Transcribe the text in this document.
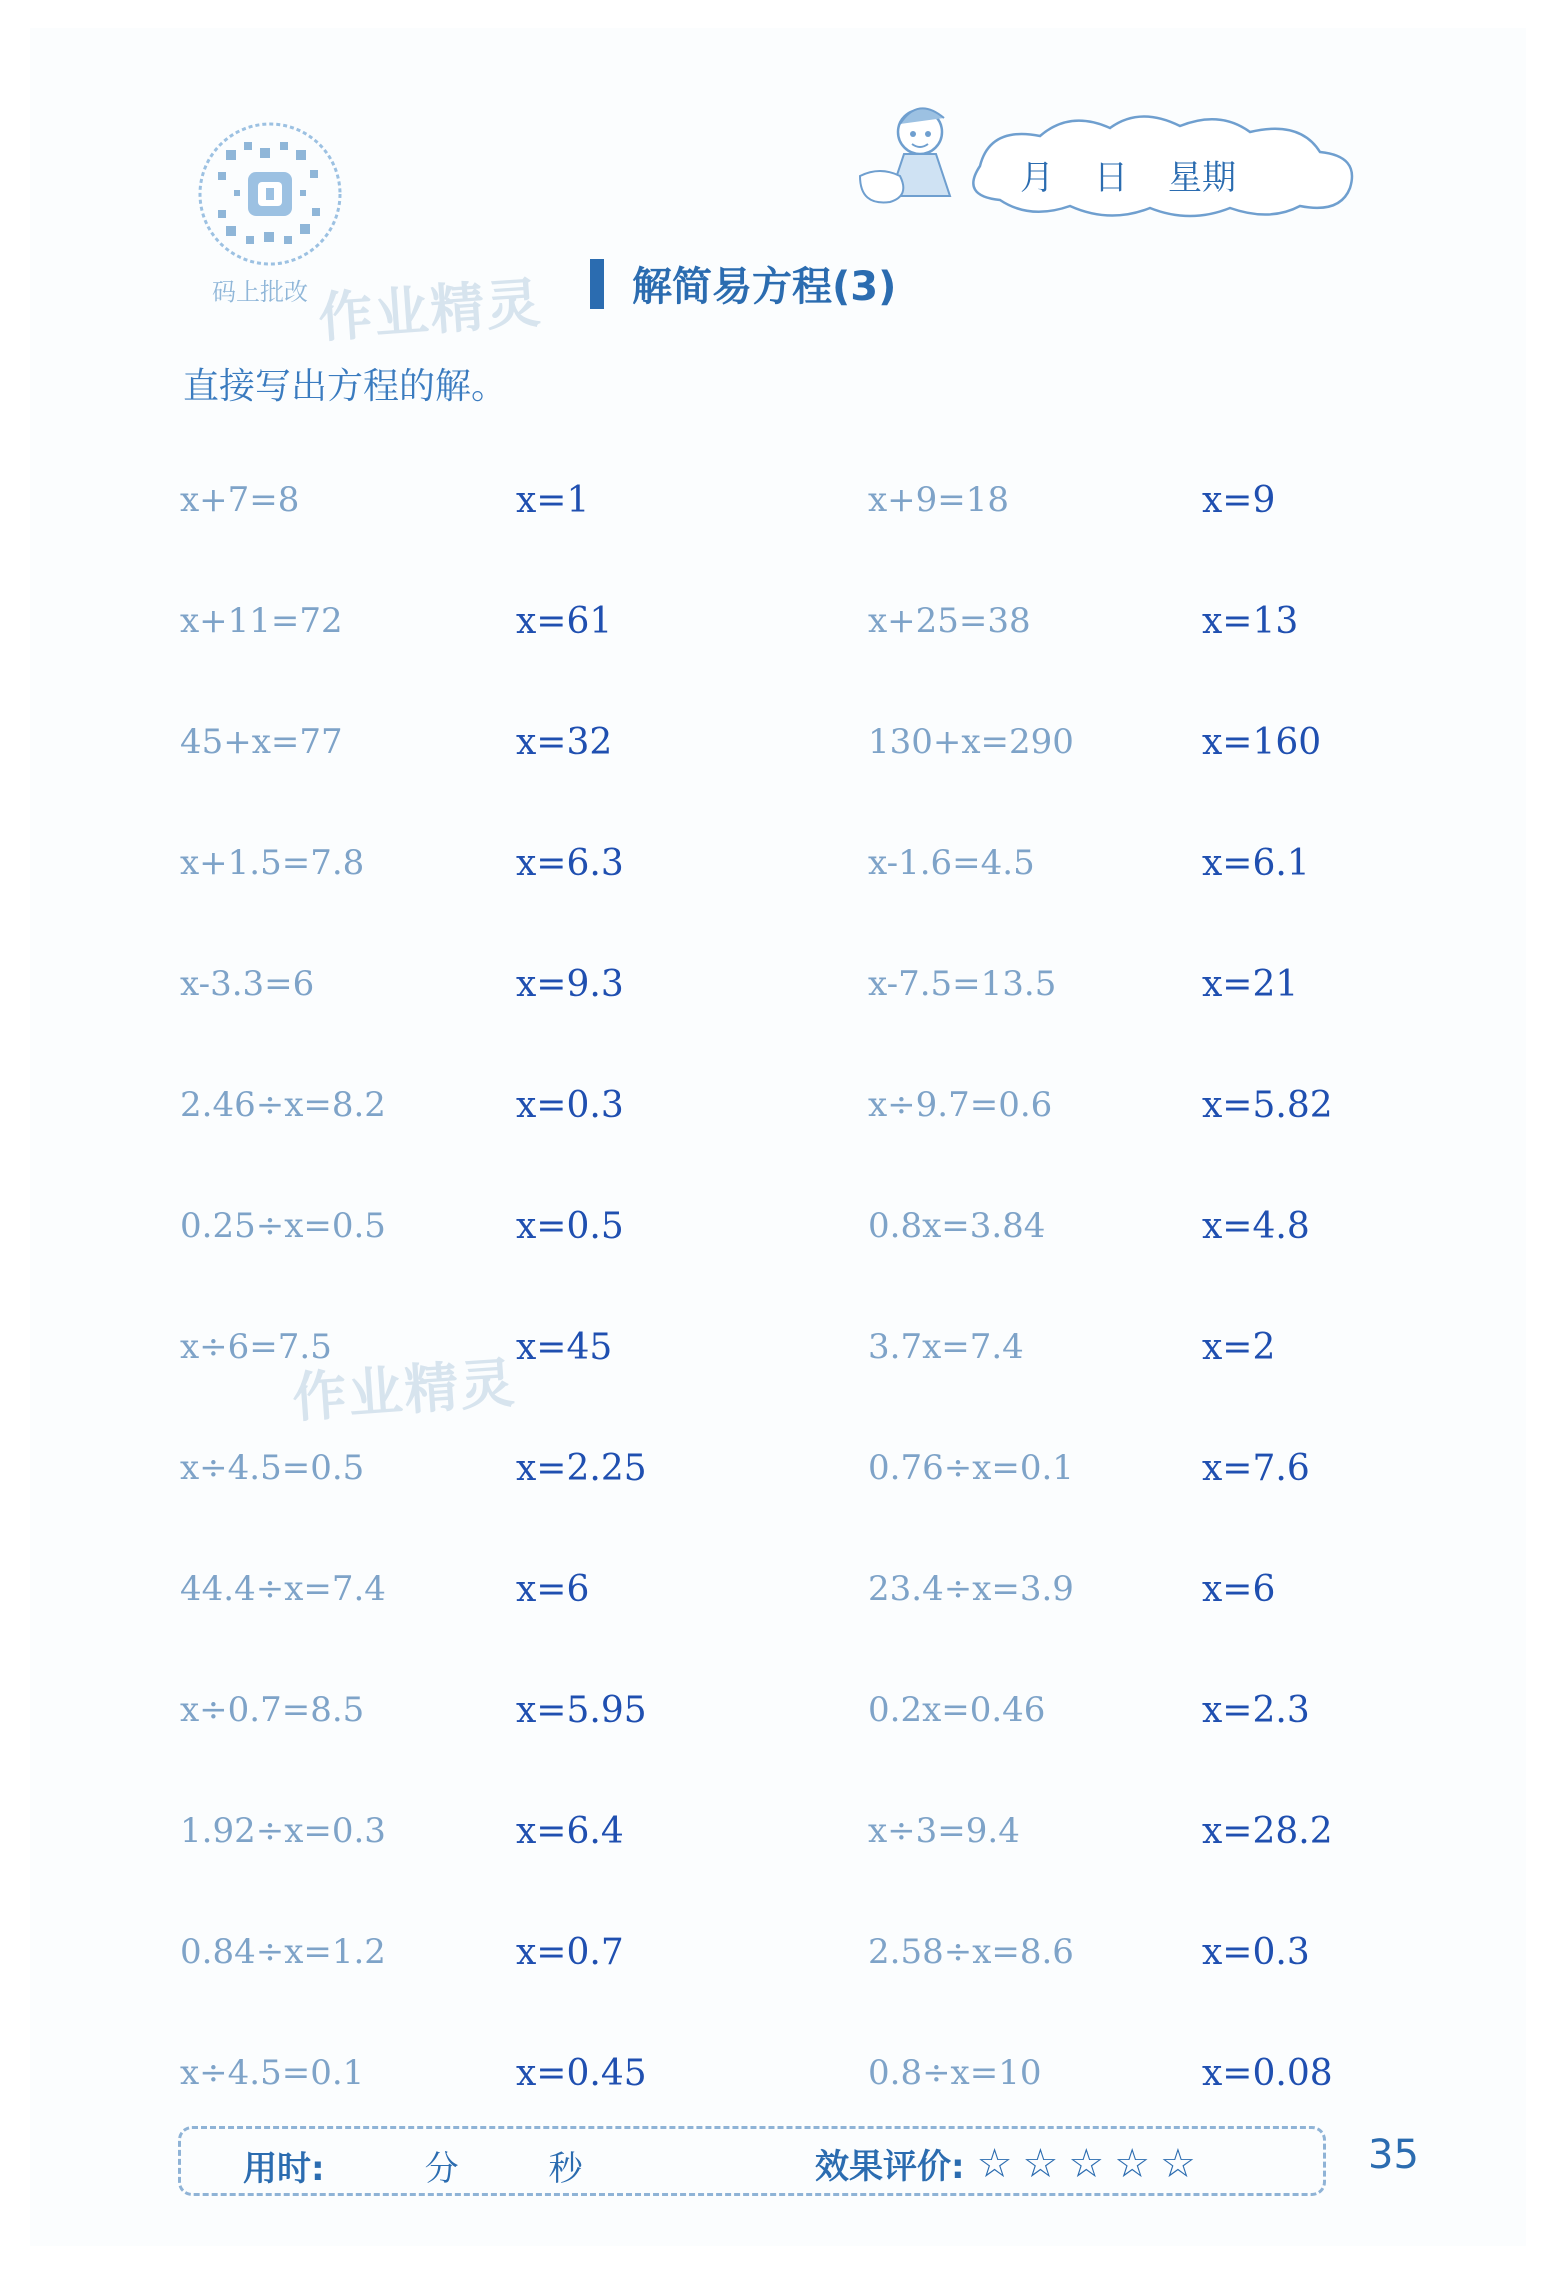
码上批改 作业精灵
作业精灵
月 日 星期
解简易方程(3)
直接写出方程的解。
x+7=8	x=1	x+9=18	x=9
x+11=72	x=61	x+25=38	x=13
45+x=77	x=32	130+x=290	x=160
x+1.5=7.8	x=6.3	x-1.6=4.5	x=6.1
x-3.3=6	x=9.3	x-7.5=13.5	x=21
2.46÷x=8.2	x=0.3	x÷9.7=0.6	x=5.82
0.25÷x=0.5	x=0.5	0.8x=3.84	x=4.8
x÷6=7.5	x=45	3.7x=7.4	x=2
x÷4.5=0.5	x=2.25	0.76÷x=0.1	x=7.6
44.4÷x=7.4	x=6	23.4÷x=3.9	x=6
x÷0.7=8.5	x=5.95	0.2x=0.46	x=2.3
1.92÷x=0.3	x=6.4	x÷3=9.4	x=28.2
0.84÷x=1.2	x=0.7	2.58÷x=8.6	x=0.3
x÷4.5=0.1	x=0.45	0.8÷x=10	x=0.08
用时:	分	秒	效果评价: ☆☆☆☆☆	35
